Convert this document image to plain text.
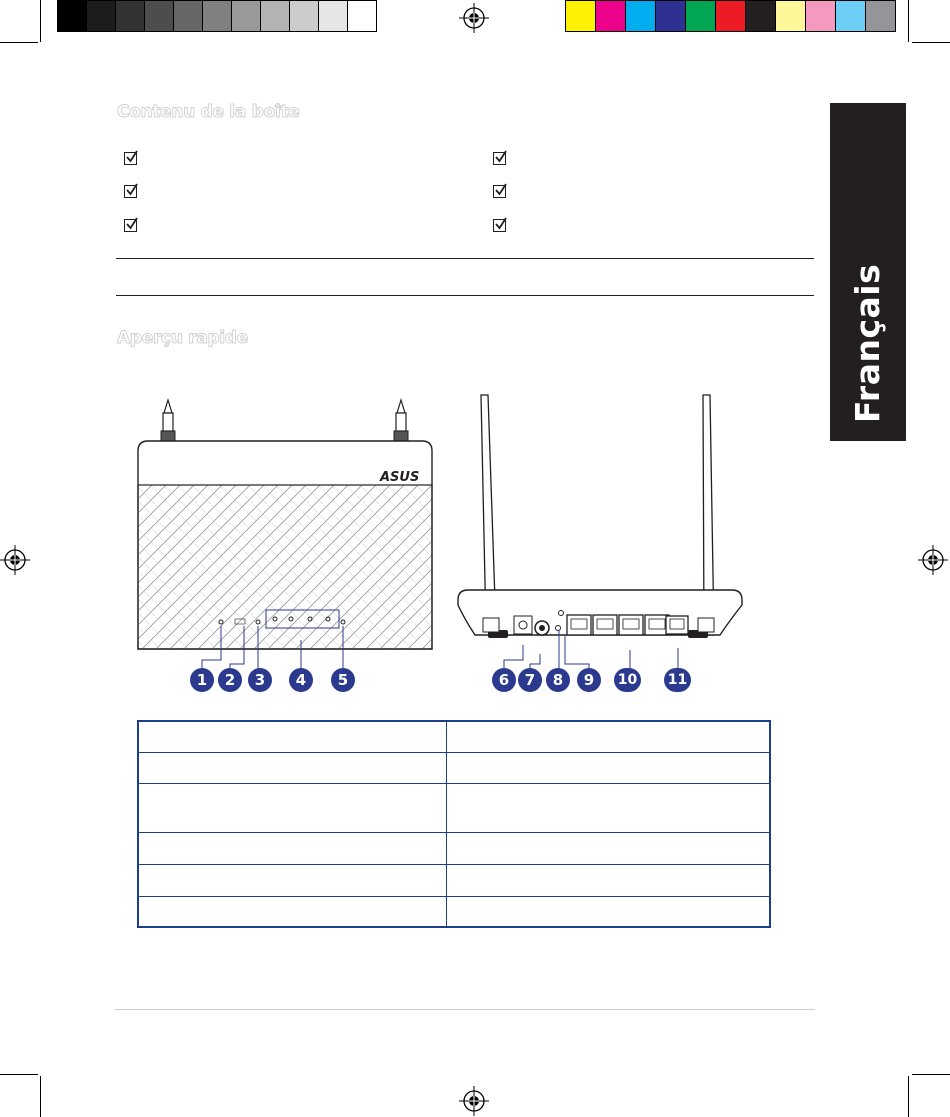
Français
Contenu de la boîte
Aperçu rapide
ASUS
1	2	3	4	5	6	7	8	9	10 11
